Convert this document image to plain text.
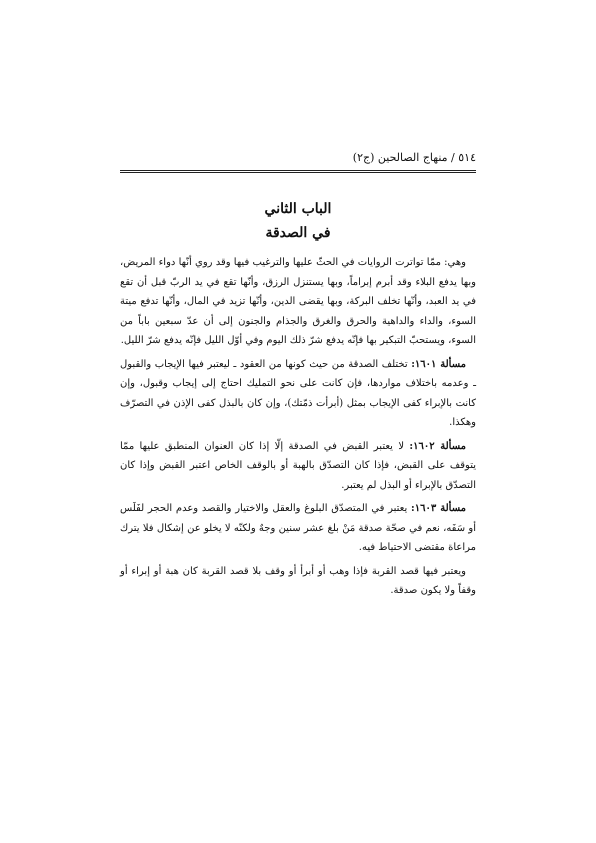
٥١٤ / منهاج الصالحين (ج٢)
الباب الثاني
في الصدقة

وهي: ممّا تواترت الروايات في الحثّ عليها والترغيب فيها وقد روي أنّها دواء المريض، وبها يدفع البلاء وقد أبرم إبراماً، وبها يستنزل الرزق، وأنّها تقع في يد الربّ قبل أن تقع في يد العبد، وأنّها تخلف البركة، وبها يقضى الدين، وأنّها تزيد في المال، وأنّها تدفع ميتة السوء، والداء والداهية والحرق والغرق والجذام والجنون إلى أن عدّ سبعين باباً من السوء، ويستحبّ التبكير بها فإنّه يدفع شرّ ذلك اليوم وفي أوّل الليل فإنّه يدفع شرّ الليل.

مسألة ١٦٠١: تختلف الصدقة من حيث كونها من العقود ـ ليعتبر فيها الإيجاب والقبول ـ وعدمه باختلاف مواردها، فإن كانت على نحو التمليك احتاج إلى إيجاب وقبول، وإن كانت بالإبراء كفى الإيجاب بمثل (أبرأت ذمّتك)، وإن كان بالبذل كفى الإذن في التصرّف وهكذا.

مسألة ١٦٠٢: لا يعتبر القبض في الصدقة إلّا إذا كان العنوان المنطبق عليها ممّا يتوقف على القبض، فإذا كان التصدّق بالهبة أو بالوقف الخاص اعتبر القبض وإذا كان التصدّق بالإبراء أو البذل لم يعتبر.

مسألة ١٦٠٣: يعتبر في المتصدّق البلوغ والعقل والاختيار والقصد وعدم الحجر لفَلَس أو سَفَه، نعم في صحّة صدقة مَنْ بلغ عشر سنين وجهٌ ولكنّه لا يخلو عن إشكال فلا يترك مراعاة مقتضى الاحتياط فيه.

ويعتبر فيها قصد القربة فإذا وهب أو أبرأ أو وقف بلا قصد القربة كان هبة أو إبراء أو وقفاً ولا يكون صدقة.
